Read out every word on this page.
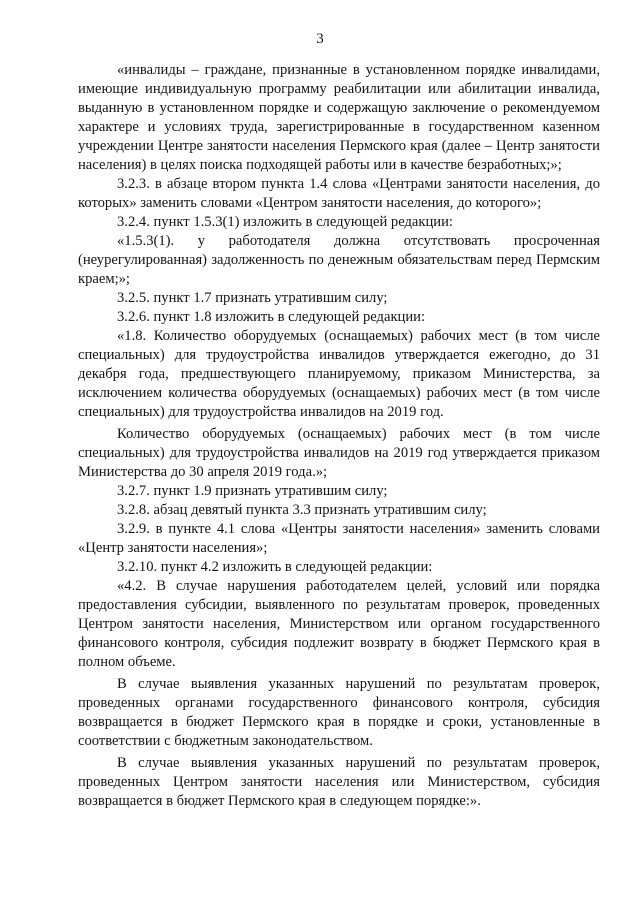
3

«инвалиды – граждане, признанные в установленном порядке инвалидами, имеющие индивидуальную программу реабилитации или абилитации инвалида, выданную в установленном порядке и содержащую заключение о рекомендуемом характере и условиях труда, зарегистрированные в государственном казенном учреждении Центре занятости населения Пермского края (далее – Центр занятости населения) в целях поиска подходящей работы или в качестве безработных;»;

3.2.3. в абзаце втором пункта 1.4 слова «Центрами занятости населения, до которых» заменить словами «Центром занятости населения, до которого»;

3.2.4. пункт 1.5.3(1) изложить в следующей редакции:

«1.5.3(1). у работодателя должна отсутствовать просроченная (неурегулированная) задолженность по денежным обязательствам перед Пермским краем;»;

3.2.5. пункт 1.7 признать утратившим силу;

3.2.6. пункт 1.8 изложить в следующей редакции:

«1.8. Количество оборудуемых (оснащаемых) рабочих мест (в том числе специальных) для трудоустройства инвалидов утверждается ежегодно, до 31 декабря года, предшествующего планируемому, приказом Министерства, за исключением количества оборудуемых (оснащаемых) рабочих мест (в том числе специальных) для трудоустройства инвалидов на 2019 год.

Количество оборудуемых (оснащаемых) рабочих мест (в том числе специальных) для трудоустройства инвалидов на 2019 год утверждается приказом Министерства до 30 апреля 2019 года.»;

3.2.7. пункт 1.9 признать утратившим силу;

3.2.8. абзац девятый пункта 3.3 признать утратившим силу;

3.2.9. в пункте 4.1 слова «Центры занятости населения» заменить словами «Центр занятости населения»;

3.2.10. пункт 4.2 изложить в следующей редакции:

«4.2. В случае нарушения работодателем целей, условий или порядка предоставления субсидии, выявленного по результатам проверок, проведенных Центром занятости населения, Министерством или органом государственного финансового контроля, субсидия подлежит возврату в бюджет Пермского края в полном объеме.

В случае выявления указанных нарушений по результатам проверок, проведенных органами государственного финансового контроля, субсидия возвращается в бюджет Пермского края в порядке и сроки, установленные в соответствии с бюджетным законодательством.

В случае выявления указанных нарушений по результатам проверок, проведенных Центром занятости населения или Министерством, субсидия возвращается в бюджет Пермского края в следующем порядке:».
